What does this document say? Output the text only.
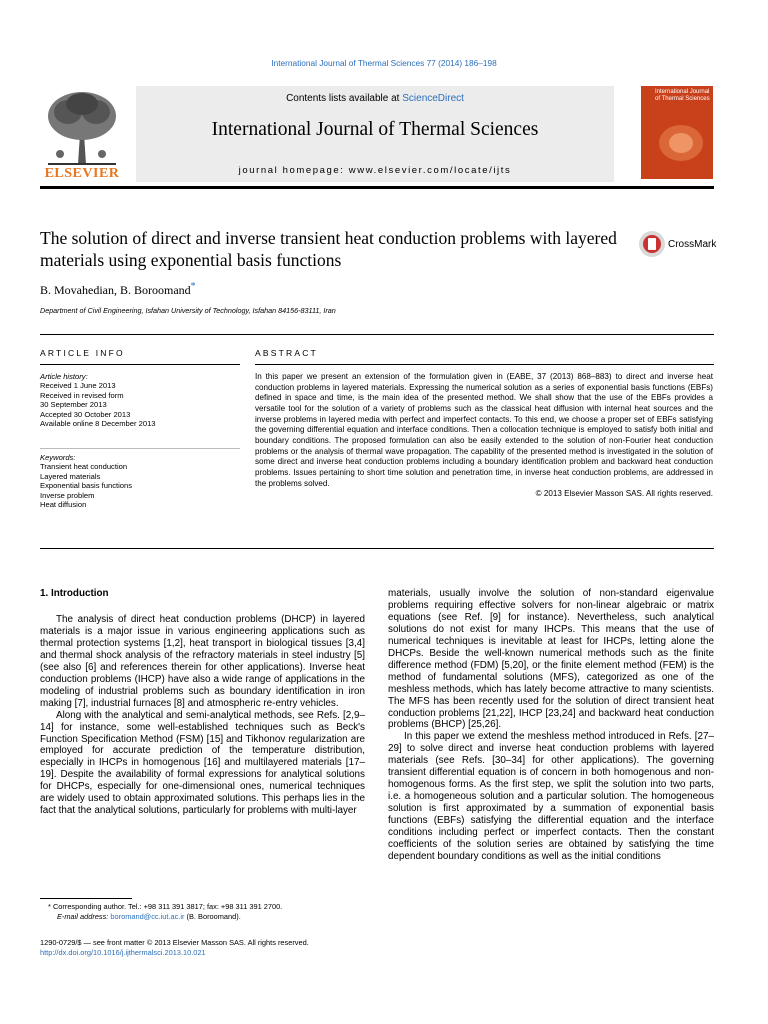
International Journal of Thermal Sciences 77 (2014) 186–198
ELSEVIER
Contents lists available at ScienceDirect
International Journal of Thermal Sciences
journal homepage: www.elsevier.com/locate/ijts
International Journal of Thermal Sciences
The solution of direct and inverse transient heat conduction problems with layered materials using exponential basis functions
CrossMark
B. Movahedian, B. Boroomand*
Department of Civil Engineering, Isfahan University of Technology, Isfahan 84156-83111, Iran
ARTICLE INFO	ABSTRACT
Article history:
Received 1 June 2013
Received in revised form
30 September 2013
Accepted 30 October 2013
Available online 8 December 2013
Keywords:
Transient heat conduction
Layered materials
Exponential basis functions
Inverse problem
Heat diffusion
In this paper we present an extension of the formulation given in (EABE, 37 (2013) 868–883) to direct and inverse heat conduction problems in layered materials. Expressing the numerical solution as a series of exponential basis functions (EBFs) defined in space and time, is the main idea of the presented method. We shall show that the use of the EBFs provides a versatile tool for the solution of a variety of problems such as the classical heat diffusion with internal heat sources and the inverse problems in layered media with perfect and imperfect contacts. To this end, we choose a proper set of EBFs satisfying the governing differential equation and interface conditions. Then a collocation technique is employed to satisfy both initial and boundary conditions. The proposed formulation can also be easily extended to the solution of non-Fourier heat conduction problems or the analysis of thermal wave propagation. The capability of the presented method is investigated in the solution of some direct and inverse heat conduction problems including a boundary identification problem and backward heat conduction problems. Issues pertaining to short time solution and penetration time, in inverse heat conduction problems, are addressed in the problems solved.
© 2013 Elsevier Masson SAS. All rights reserved.
1. Introduction
The analysis of direct heat conduction problems (DHCP) in layered materials is a major issue in various engineering applications such as thermal protection systems [1,2], heat transport in biological tissues [3,4] and thermal shock analysis of the refractory materials in steel industry [5] (see also [6] and references therein for other applications). Inverse heat conduction problems (IHCP) have also a wide range of applications in the modeling of industrial problems such as boundary identification in iron making [7], industrial furnaces [8] and atmospheric re-entry vehicles.
Along with the analytical and semi-analytical methods, see Refs. [2,9–14] for instance, some well-established techniques such as Beck's Function Specification Method (FSM) [15] and Tikhonov regularization are employed for accurate prediction of the temperature distribution, especially in IHCPs in homogenous [16] and multilayered materials [17–19]. Despite the availability of formal expressions for analytical solutions for DHCPs, especially for one-dimensional ones, numerical techniques are widely used to obtain approximated solutions. This perhaps lies in the fact that the analytical solutions, particularly for problems with multi-layer
materials, usually involve the solution of non-standard eigenvalue problems requiring effective solvers for non-linear algebraic or matrix equations (see Ref. [9] for instance). Nevertheless, such analytical solutions do not exist for many IHCPs. This means that the use of numerical techniques is inevitable at least for IHCPs, letting alone the DHCPs. Beside the well-known numerical methods such as the finite difference method (FDM) [5,20], or the finite element method (FEM) is the method of fundamental solutions (MFS), categorized as one of the meshless methods, which has lately become attractive to many scientists. The MFS has been recently used for the solution of direct transient heat conduction problems [21,22], IHCP [23,24] and backward heat conduction problems (BHCP) [25,26].
In this paper we extend the meshless method introduced in Refs. [27–29] to solve direct and inverse heat conduction problems with layered materials (see Refs. [30–34] for other applications). The governing transient differential equation is of concern in both homogenous and non-homogenous forms. As the first step, we split the solution into two parts, i.e. a homogeneous solution and a particular solution. The homogeneous solution is first approximated by a summation of exponential basis functions (EBFs) satisfying the differential equation and the interface conditions including perfect or imperfect contacts. Then the constant coefficients of the solution series are obtained by satisfying the time dependent boundary conditions as well as the initial conditions
* Corresponding author. Tel.: +98 311 391 3817; fax: +98 311 391 2700.
E-mail address: boromand@cc.iut.ac.ir (B. Boroomand).
1290-0729/$ — see front matter © 2013 Elsevier Masson SAS. All rights reserved.
http://dx.doi.org/10.1016/j.ijthermalsci.2013.10.021
